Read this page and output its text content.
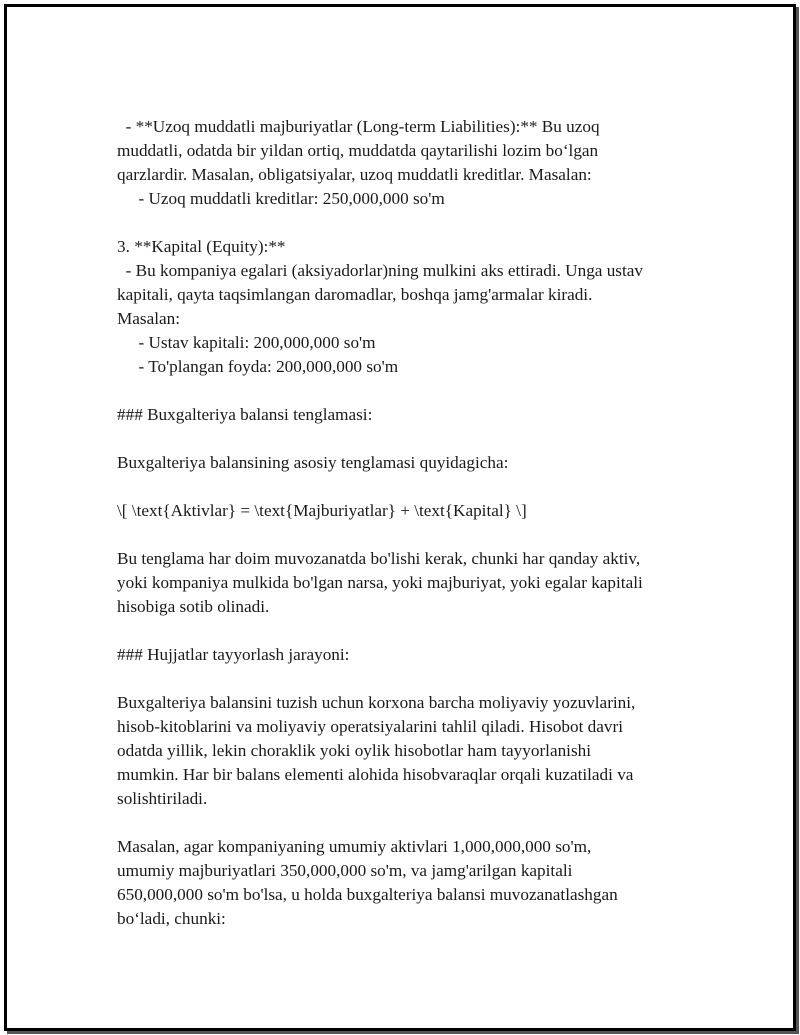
- **Uzoq muddatli majburiyatlar (Long-term Liabilities):** Bu uzoq

muddatli, odatda bir yildan ortiq, muddatda qaytarilishi lozim bo‘lgan

qarzlardir. Masalan, obligatsiyalar, uzoq muddatli kreditlar. Masalan:

- Uzoq muddatli kreditlar: 250,000,000 so'm

3. **Kapital (Equity):**

- Bu kompaniya egalari (aksiyadorlar)ning mulkini aks ettiradi. Unga ustav

kapitali, qayta taqsimlangan daromadlar, boshqa jamg'armalar kiradi.

Masalan:

- Ustav kapitali: 200,000,000 so'm

- To'plangan foyda: 200,000,000 so'm

### Buxgalteriya balansi tenglamasi:

Buxgalteriya balansining asosiy tenglamasi quyidagicha:

\[ \text{Aktivlar} = \text{Majburiyatlar} + \text{Kapital} \]

Bu tenglama har doim muvozanatda bo'lishi kerak, chunki har qanday aktiv,

yoki kompaniya mulkida bo'lgan narsa, yoki majburiyat, yoki egalar kapitali

hisobiga sotib olinadi.

### Hujjatlar tayyorlash jarayoni:

Buxgalteriya balansini tuzish uchun korxona barcha moliyaviy yozuvlarini,

hisob-kitoblarini va moliyaviy operatsiyalarini tahlil qiladi. Hisobot davri

odatda yillik, lekin choraklik yoki oylik hisobotlar ham tayyorlanishi

mumkin. Har bir balans elementi alohida hisobvaraqlar orqali kuzatiladi va

solishtiriladi.

Masalan, agar kompaniyaning umumiy aktivlari 1,000,000,000 so'm,

umumiy majburiyatlari 350,000,000 so'm, va jamg'arilgan kapitali

650,000,000 so'm bo'lsa, u holda buxgalteriya balansi muvozanatlashgan

bo‘ladi, chunki:
